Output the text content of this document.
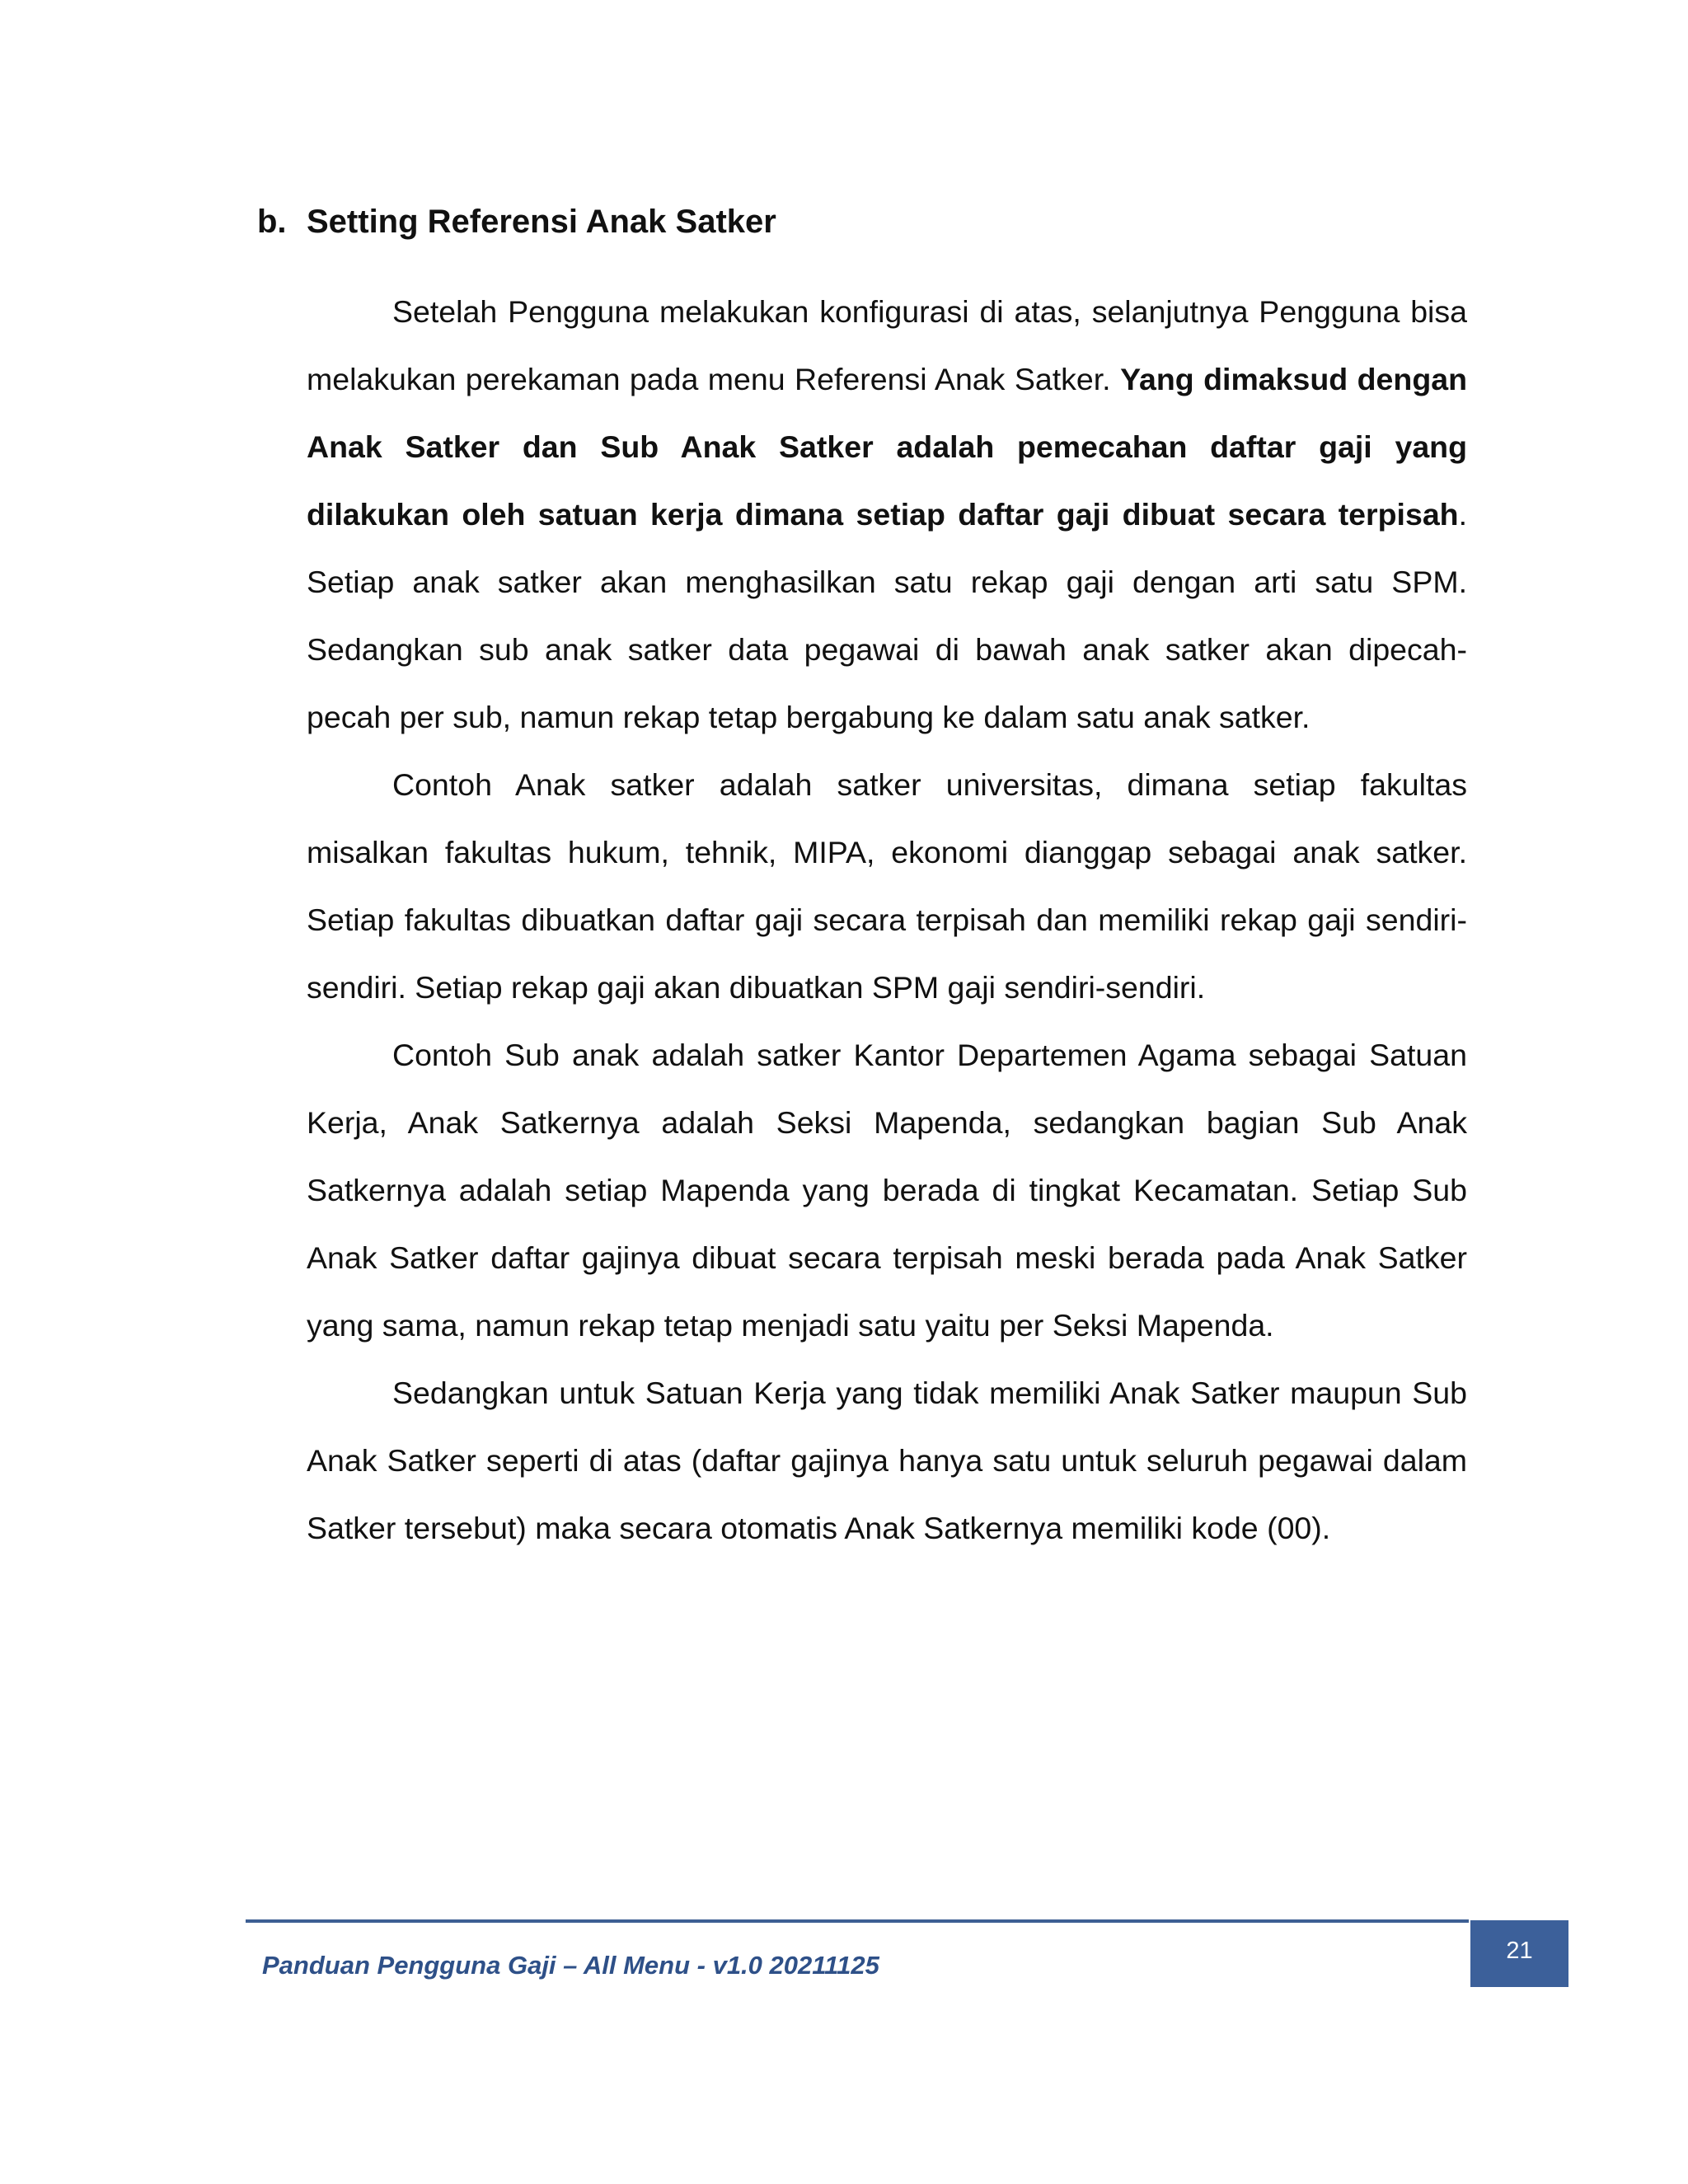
b. Setting Referensi Anak Satker

Setelah Pengguna melakukan konfigurasi di atas, selanjutnya Pengguna bisa melakukan perekaman pada menu Referensi Anak Satker. Yang dimaksud dengan Anak Satker dan Sub Anak Satker adalah pemecahan daftar gaji yang dilakukan oleh satuan kerja dimana setiap daftar gaji dibuat secara terpisah. Setiap anak satker akan menghasilkan satu rekap gaji dengan arti satu SPM. Sedangkan sub anak satker data pegawai di bawah anak satker akan dipecah-pecah per sub, namun rekap tetap bergabung ke dalam satu anak satker.

Contoh Anak satker adalah satker universitas, dimana setiap fakultas misalkan fakultas hukum, tehnik, MIPA, ekonomi dianggap sebagai anak satker. Setiap fakultas dibuatkan daftar gaji secara terpisah dan memiliki rekap gaji sendiri-sendiri. Setiap rekap gaji akan dibuatkan SPM gaji sendiri-sendiri.

Contoh Sub anak adalah satker Kantor Departemen Agama sebagai Satuan Kerja, Anak Satkernya adalah Seksi Mapenda, sedangkan bagian Sub Anak Satkernya adalah setiap Mapenda yang berada di tingkat Kecamatan. Setiap Sub Anak Satker daftar gajinya dibuat secara terpisah meski berada pada Anak Satker yang sama, namun rekap tetap menjadi satu yaitu per Seksi Mapenda.

Sedangkan untuk Satuan Kerja yang tidak memiliki Anak Satker maupun Sub Anak Satker seperti di atas (daftar gajinya hanya satu untuk seluruh pegawai dalam Satker tersebut) maka secara otomatis Anak Satkernya memiliki kode (00).

Panduan Pengguna Gaji – All Menu - v1.0 20211125	21
